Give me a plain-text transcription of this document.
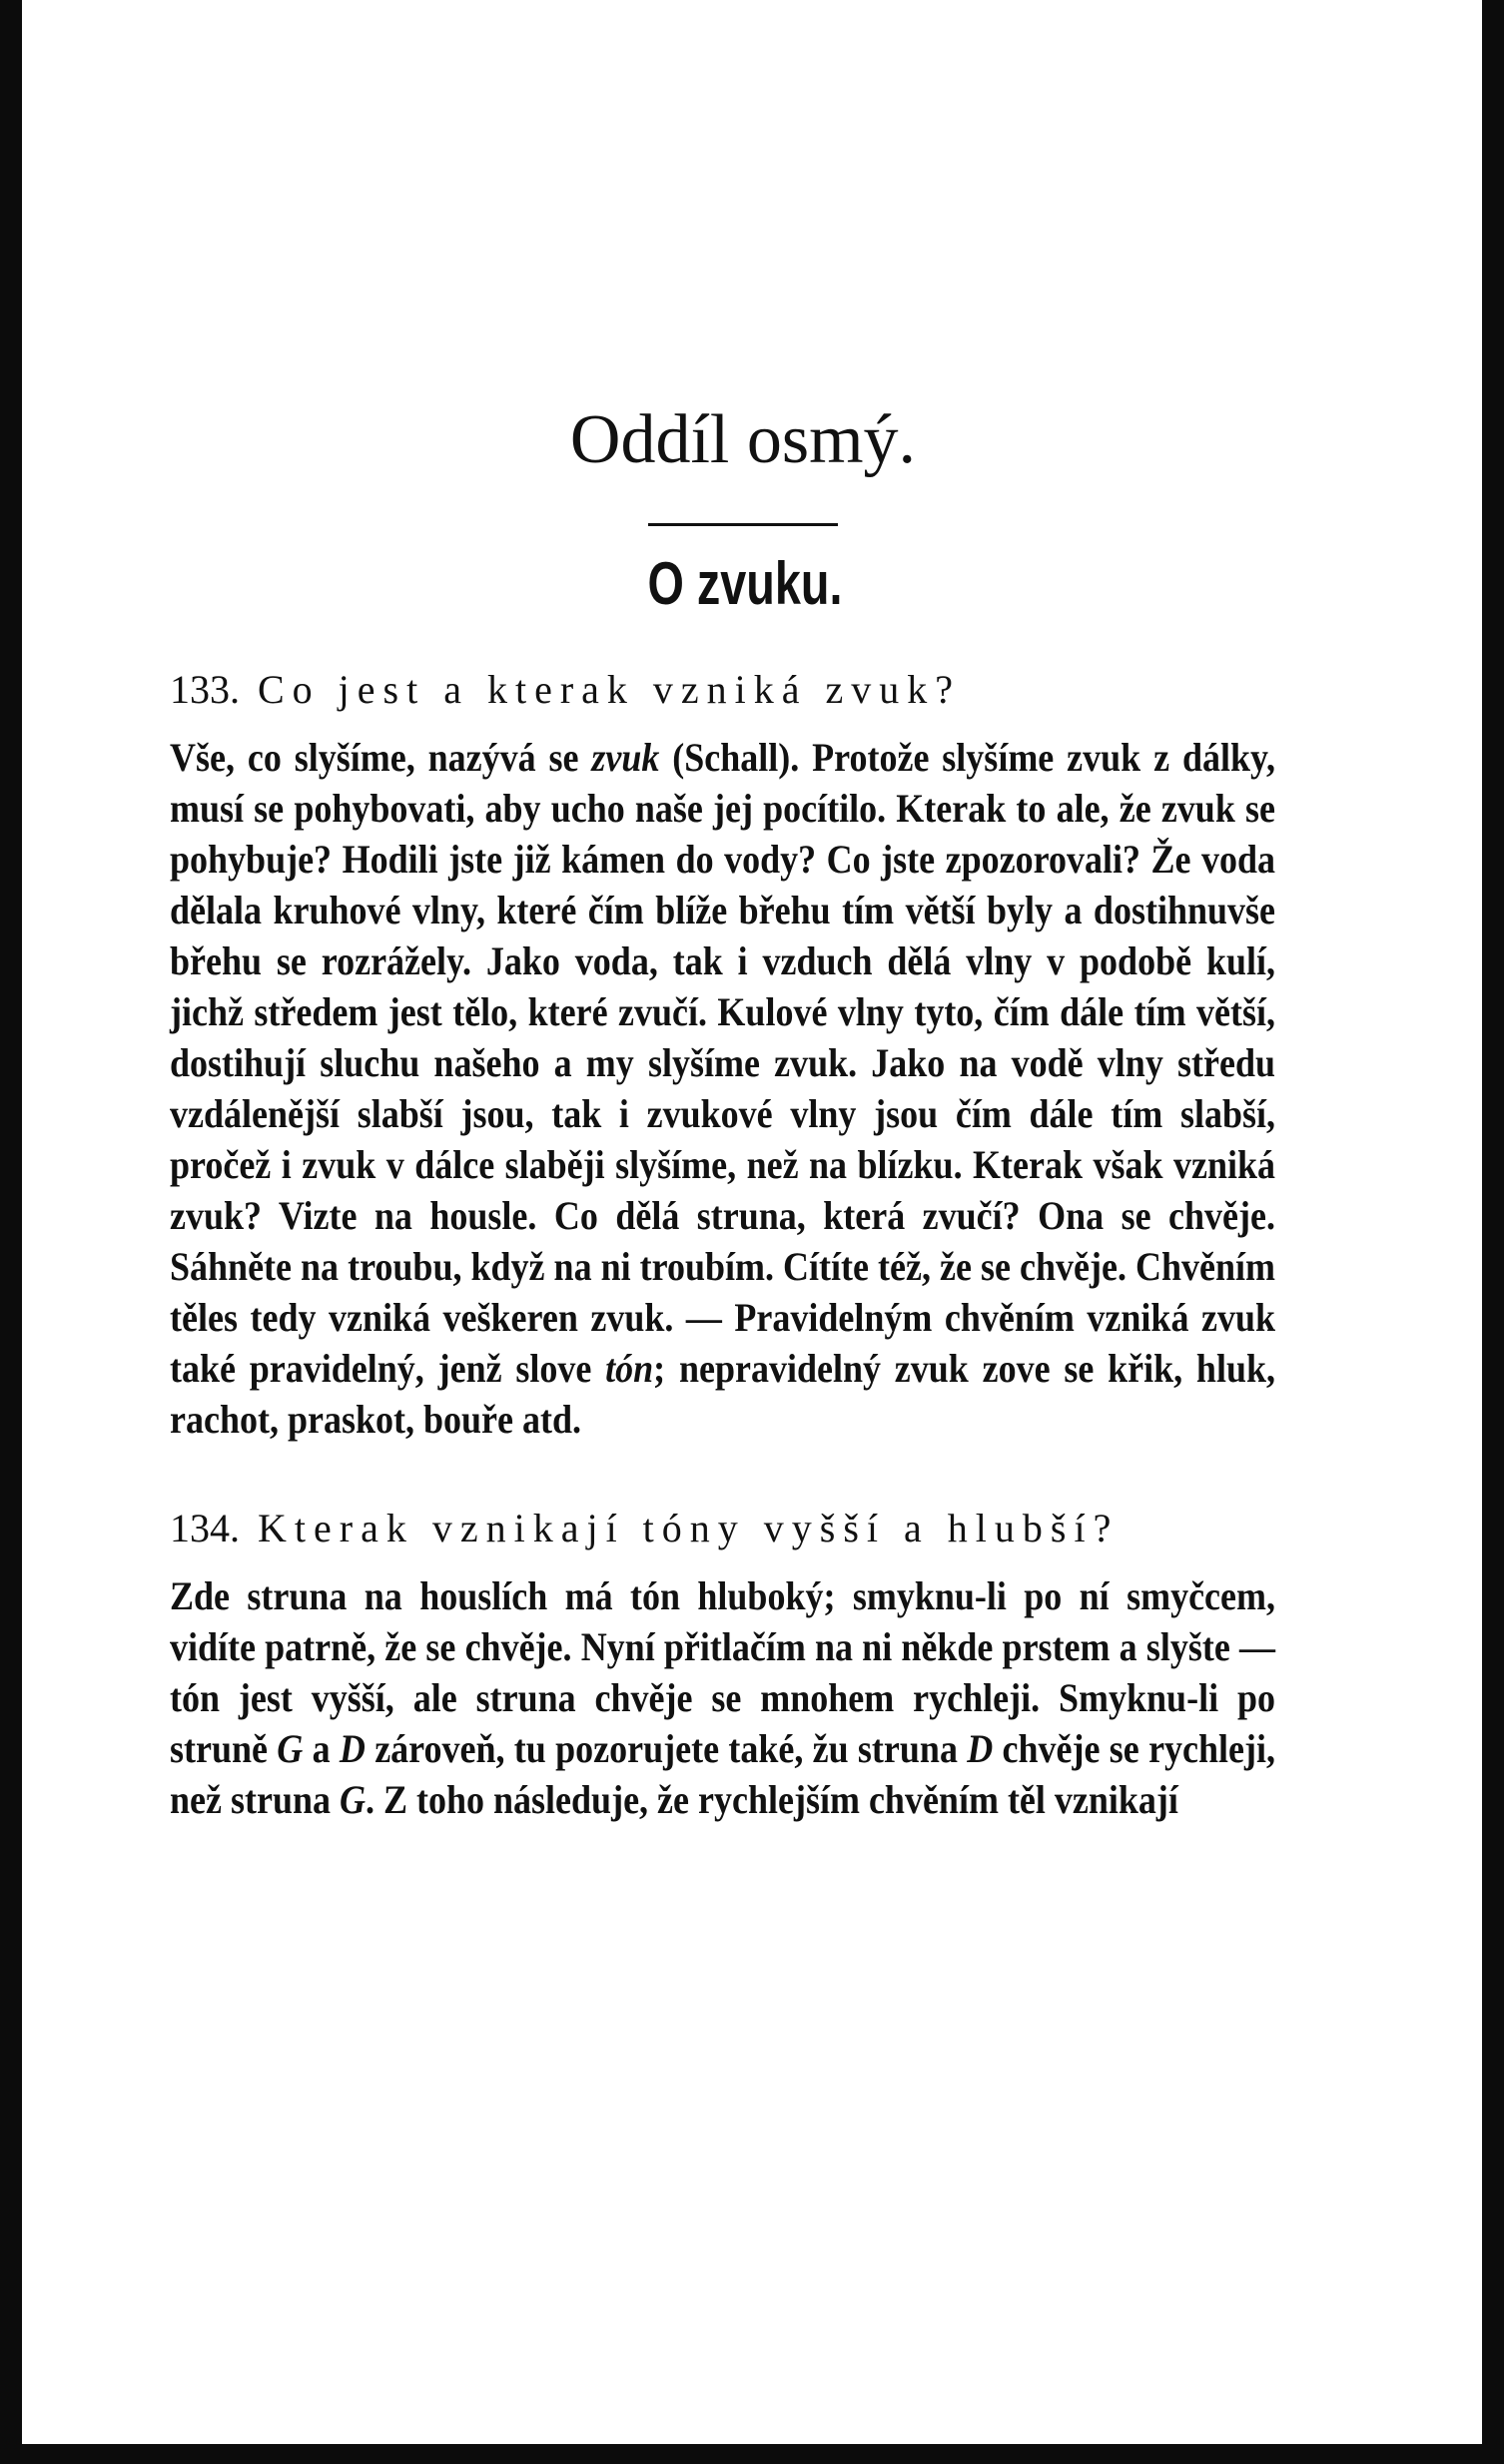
Oddíl osmý.
O zvuku.
133. Co jest a kterak vzniká zvuk?

Vše, co slyšíme, nazývá se zvuk (Schall). Protože slyšíme zvuk z dálky, musí se pohybovati, aby ucho naše jej pocítilo. Kterak to ale, že zvuk se pohybuje? Hodili jste již kámen do vody? Co jste zpozorovali? Že voda dělala kruhové vlny, které čím blíže břehu tím větší byly a dostihnuvše břehu se rozrážely. Jako voda, tak i vzduch dělá vlny v podobě kulí, jichž středem jest tělo, které zvučí. Kulové vlny tyto, čím dále tím větší, dostihují sluchu našeho a my slyšíme zvuk. Jako na vodě vlny středu vzdálenější slabší jsou, tak i zvukové vlny jsou čím dále tím slabší, pročež i zvuk v dálce slaběji slyšíme, než na blízku. Kterak však vzniká zvuk? Vizte na housle. Co dělá struna, která zvučí? Ona se chvěje. Sáhněte na troubu, když na ni troubím. Cítíte též, že se chvěje. Chvěním těles tedy vzniká veškeren zvuk. — Pravidelným chvěním vzniká zvuk také pravidelný, jenž slove tón; nepravidelný zvuk zove se křik, hluk, rachot, praskot, bouře atd.

134. Kterak vznikají tóny vyšší a hlubší?

Zde struna na houslích má tón hluboký; smyknu-li po ní smyčcem, vidíte patrně, že se chvěje. Nyní přitlačím na ni někde prstem a slyšte — tón jest vyšší, ale struna chvěje se mnohem rychleji. Smyknu-li po struně G a D zároveň, tu pozorujete také, žu struna D chvěje se rychleji, než struna G. Z toho následuje, že rychlejším chvěním těl vznikají
